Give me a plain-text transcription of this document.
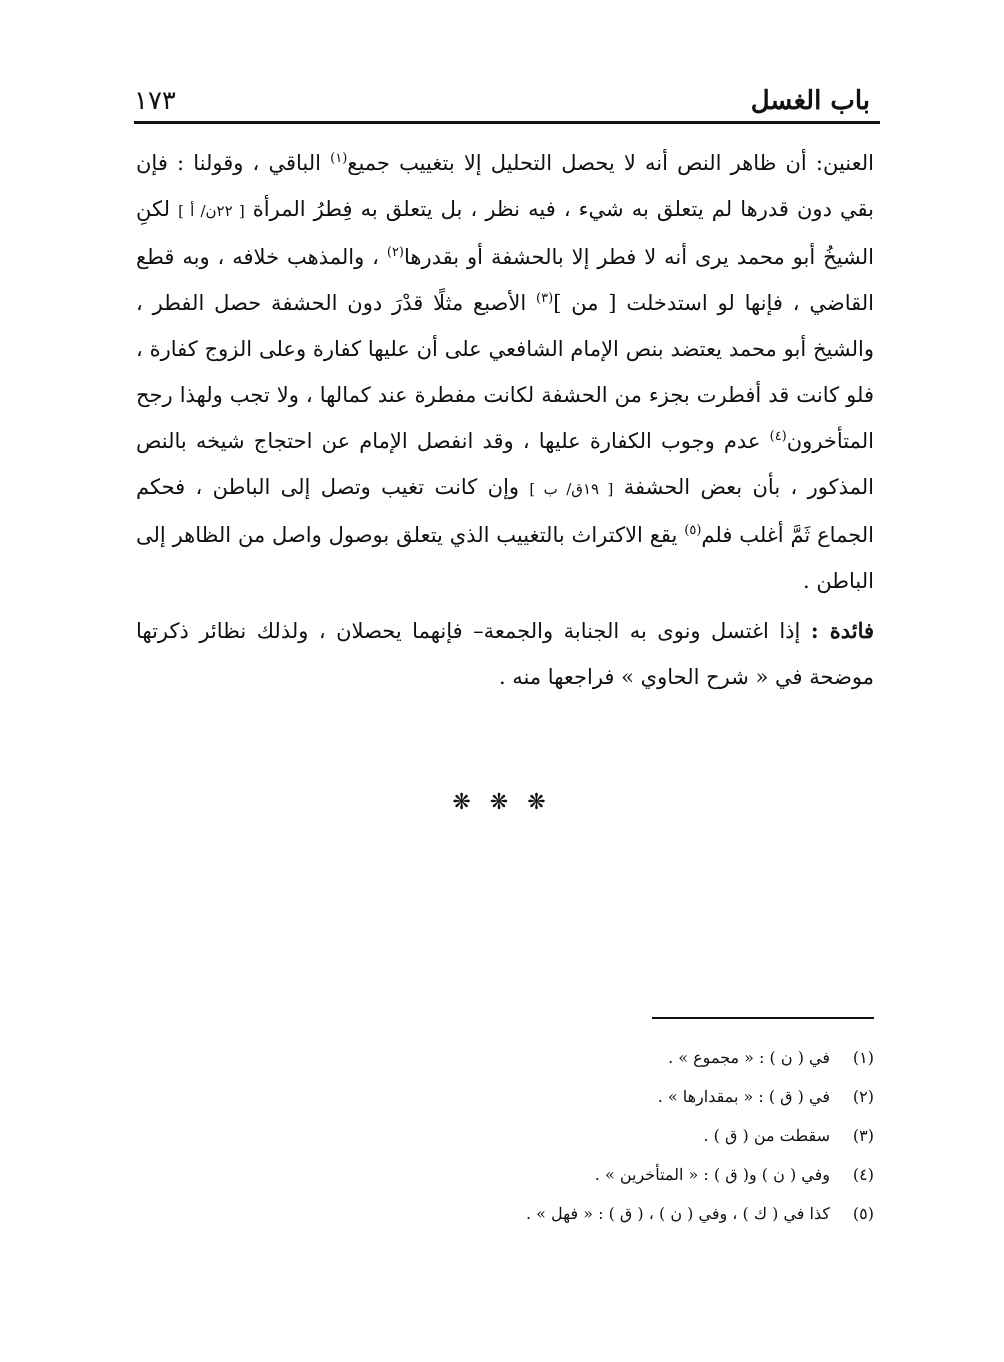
باب الغسل
١٧٣

العنين: أن ظاهر النص أنه لا يحصل التحليل إلا بتغييب جميع$^{(١)}$ الباقي ، وقولنا : فإن بقي دون قدرها لم يتعلق به شيء ، فيه نظر ، بل يتعلق به فِطرُ المرأة [ ٢٢ن/ أ ] لكنِ الشيخُ أبو محمد يرى أنه لا فطر إلا بالحشفة أو بقدرها$^{(٢)}$ ، والمذهب خلافه ، وبه قطع القاضي ، فإنها لو استدخلت [ من ]$^{(٣)}$ الأصبع مثلًا قدْرَ دون الحشفة حصل الفطر ، والشيخ أبو محمد يعتضد بنص الإمام الشافعي على أن عليها كفارة وعلى الزوج كفارة ، فلو كانت قد أفطرت بجزء من الحشفة لكانت مفطرة عند كمالها ، ولا تجب ولهذا رجح المتأخرون$^{(٤)}$ عدم وجوب الكفارة عليها ، وقد انفصل الإمام عن احتجاج شيخه بالنص المذكور ، بأن بعض الحشفة [ ١٩ق/ ب ] وإن كانت تغيب وتصل إلى الباطن ، فحكم الجماع ثَمَّ أغلب فلم$^{(٥)}$ يقع الاكتراث بالتغييب الذي يتعلق بوصول واصل من الظاهر إلى الباطن .

فائدة : إذا اغتسل ونوى به الجنابة والجمعة– فإنهما يحصلان ، ولذلك نظائر ذكرتها موضحة في « شرح الحاوي » فراجعها منه .

❋ ❋ ❋
(١)
في ( ن ) : « مجموع » .
(٢)
في ( ق ) : « بمقدارها » .
(٣)
سقطت من ( ق ) .
(٤)
وفي ( ن ) و( ق ) : « المتأخرين » .
(٥)
كذا في ( ك ) ، وفي ( ن ) ، ( ق ) : « فهل » .
